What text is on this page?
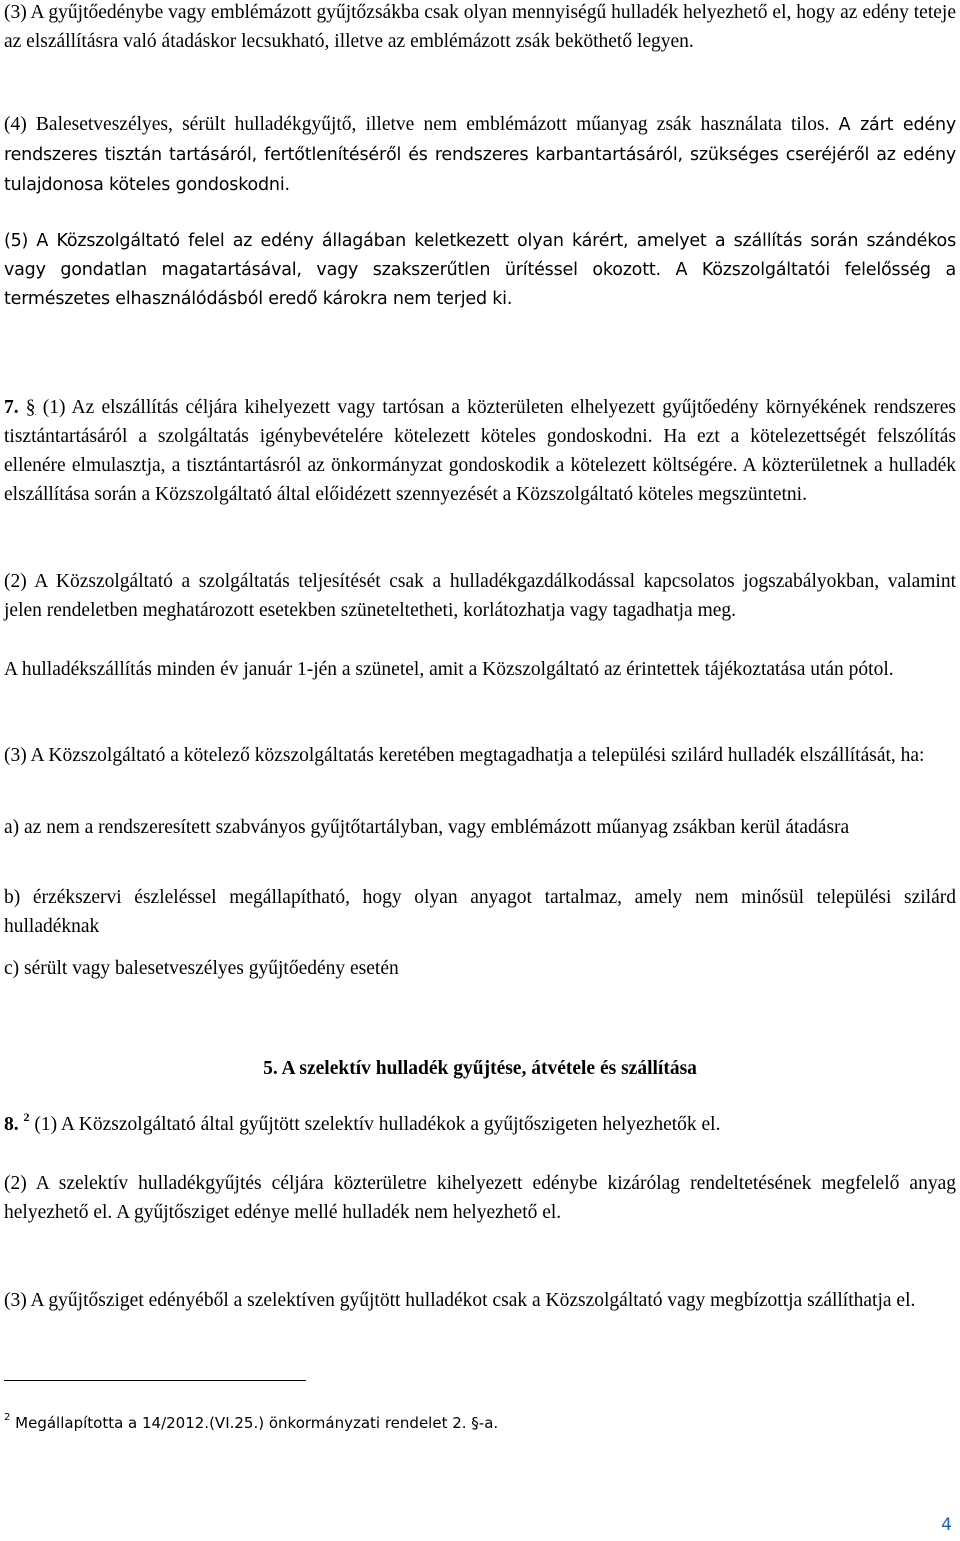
(3) A gyűjtőedénybe vagy emblémázott gyűjtőzsákba csak olyan mennyiségű hulladék helyezhető el, hogy az edény teteje az elszállításra való átadáskor lecsukható, illetve az emblémázott zsák beköthető legyen.

(4) Balesetveszélyes, sérült hulladékgyűjtő, illetve nem emblémázott műanyag zsák használata tilos. A zárt edény rendszeres tisztán tartásáról, fertőtlenítéséről és rendszeres karbantartásáról, szükséges cseréjéről az edény tulajdonosa köteles gondoskodni.

(5) A Közszolgáltató felel az edény állagában keletkezett olyan kárért, amelyet a szállítás során szándékos vagy gondatlan magatartásával, vagy szakszerűtlen ürítéssel okozott. A Közszolgáltatói felelősség a természetes elhasználódásból eredő károkra nem terjed ki.

7. § (1) Az elszállítás céljára kihelyezett vagy tartósan a közterületen elhelyezett gyűjtőedény környékének rendszeres tisztántartásáról a szolgáltatás igénybevételére kötelezett köteles gondoskodni. Ha ezt a kötelezettségét felszólítás ellenére elmulasztja, a tisztántartásról az önkormányzat gondoskodik a kötelezett költségére. A közterületnek a hulladék elszállítása során a Közszolgáltató által előidézett szennyezését a Közszolgáltató köteles megszüntetni.

(2) A Közszolgáltató a szolgáltatás teljesítését csak a hulladékgazdálkodással kapcsolatos jogszabályokban, valamint jelen rendeletben meghatározott esetekben szüneteltetheti, korlátozhatja vagy tagadhatja meg.

A hulladékszállítás minden év január 1-jén a szünetel, amit a Közszolgáltató az érintettek tájékoztatása után pótol.

(3) A Közszolgáltató a kötelező közszolgáltatás keretében megtagadhatja a települési szilárd hulladék elszállítását, ha:

a) az nem a rendszeresített szabványos gyűjtőtartályban, vagy emblémázott műanyag zsákban kerül átadásra

b) érzékszervi észleléssel megállapítható, hogy olyan anyagot tartalmaz, amely nem minősül települési szilárd hulladéknak

c) sérült vagy balesetveszélyes gyűjtőedény esetén

8. $^2$ (1) A Közszolgáltató által gyűjtött szelektív hulladékok a gyűjtőszigeten helyezhetők el.

(2) A szelektív hulladékgyűjtés céljára közterületre kihelyezett edénybe kizárólag rendeltetésének megfelelő anyag helyezhető el. A gyűjtősziget edénye mellé hulladék nem helyezhető el.

(3) A gyűjtősziget edényéből a szelektíven gyűjtött hulladékot csak a Közszolgáltató vagy megbízottja szállíthatja el.

5. A szelektív hulladék gyűjtése, átvétele és szállítása
$^2$ Megállapította a 14/2012.(VI.25.) önkormányzati rendelet 2. §-a.
4
